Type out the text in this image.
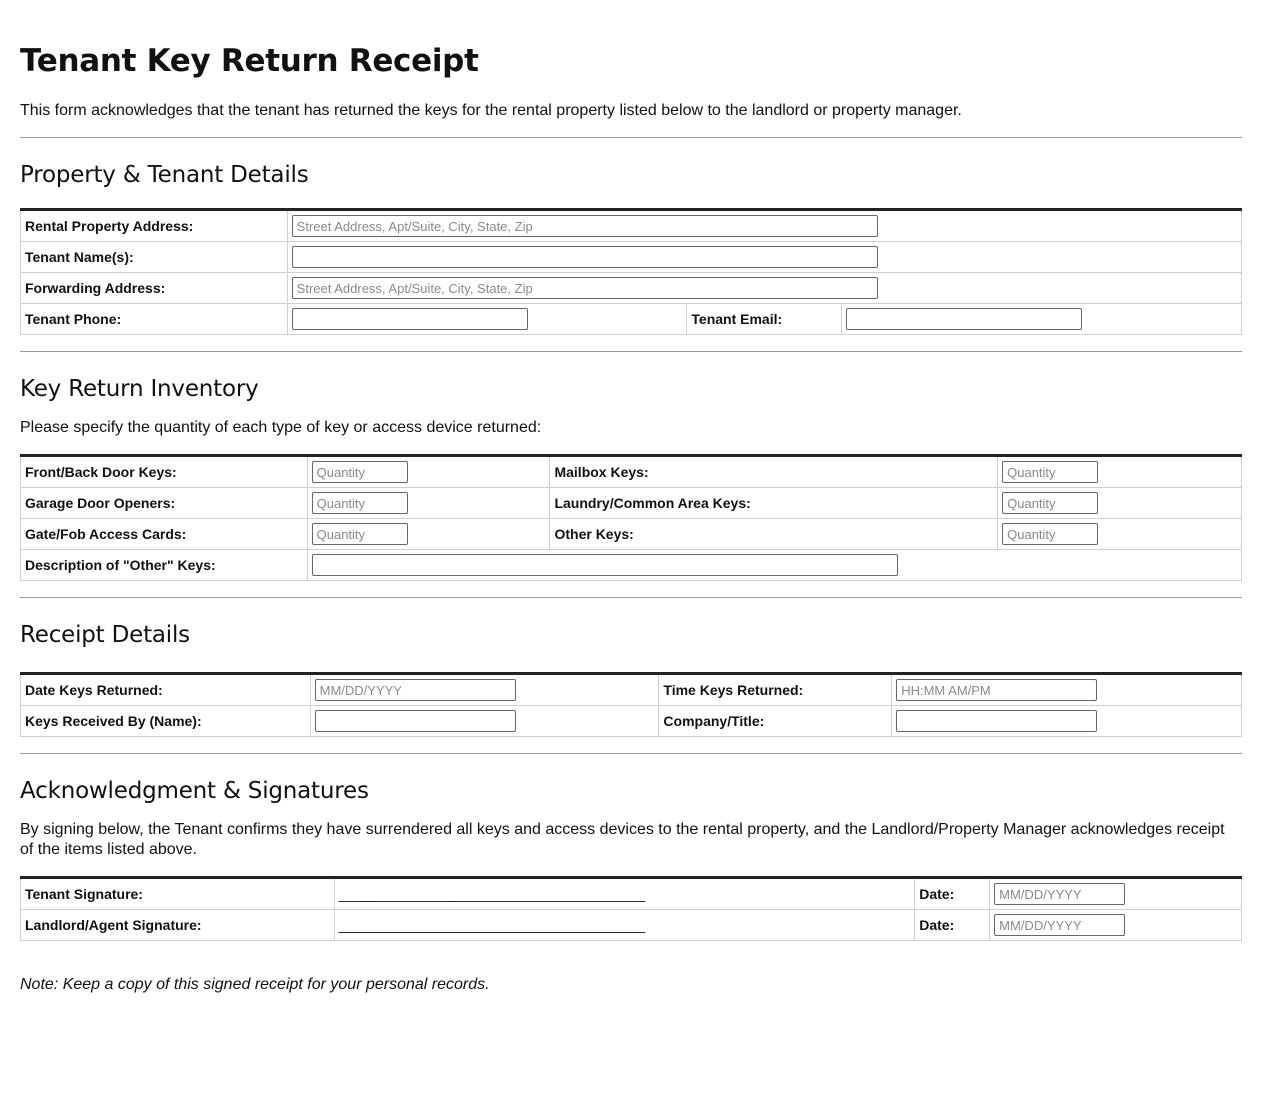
Tenant Key Return Receipt

This form acknowledges that the tenant has returned the keys for the rental property listed below to the landlord or property manager.

Property & Tenant Details
Rental Property Address:	Street Address, Apt/Suite, City, State, Zip
Tenant Name(s):	
Forwarding Address:	Street Address, Apt/Suite, City, State, Zip
Tenant Phone:		Tenant Email:	
Key Return Inventory

Please specify the quantity of each type of key or access device returned:

Front/Back Door Keys:	Quantity	Mailbox Keys:	Quantity
Garage Door Openers:	Quantity	Laundry/Common Area Keys:	Quantity
Gate/Fob Access Cards:	Quantity	Other Keys:	Quantity
Description of "Other" Keys:	
Receipt Details
Date Keys Returned:	MM/DD/YYYY	Time Keys Returned:	HH:MM AM/PM
Keys Received By (Name):		Company/Title:	
Acknowledgment & Signatures

By signing below, the Tenant confirms they have surrendered all keys and access devices to the rental property, and the Landlord/Property Manager acknowledges receipt of the items listed above.

Tenant Signature:	__________________________________________	Date:	MM/DD/YYYY
Landlord/Agent Signature:	__________________________________________	Date:	MM/DD/YYYY

Note: Keep a copy of this signed receipt for your personal records.
